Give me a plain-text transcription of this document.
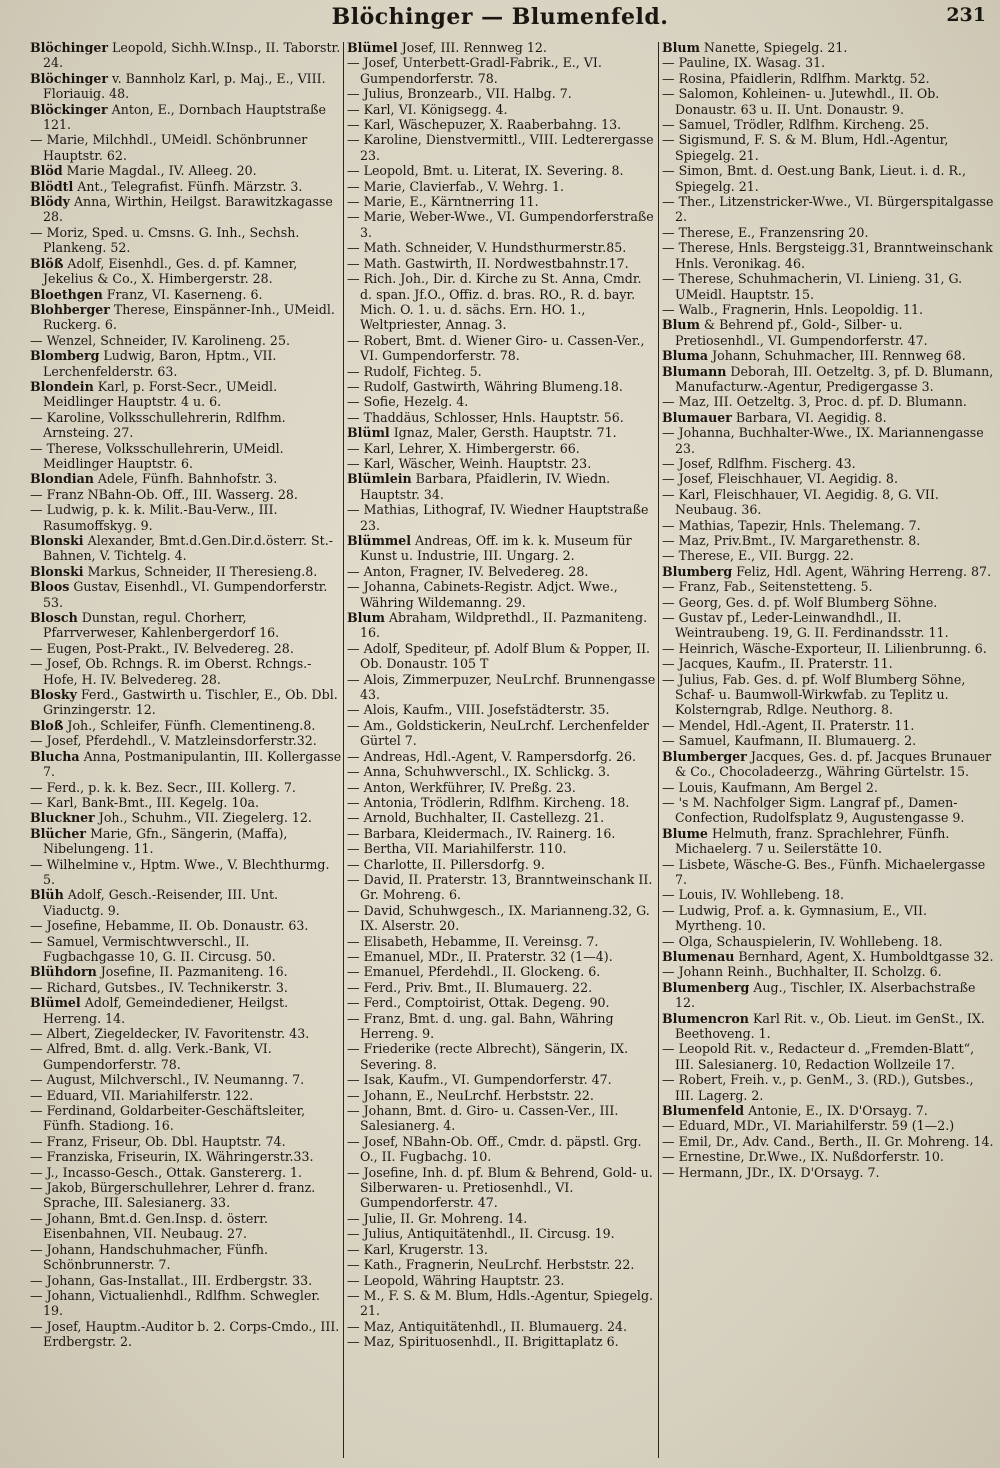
Blöchinger — Blumenfeld.	231
Blöchinger Leopold, Sichh.W.Insp., II. Taborstr. 24.
Blöchinger v. Bannholz Karl, p. Maj., E., VIII. Floriauig. 48.
Blöckinger Anton, E., Dornbach Hauptstraße 121.
— Marie, Milchhdl., UMeidl. Schönbrunner Hauptstr. 62.
Blöd Marie Magdal., IV. Alleeg. 20.
Blödtl Ant., Telegrafist. Fünfh. Märzstr. 3.
Blödy Anna, Wirthin, Heilgst. Barawitzkagasse 28.
— Moriz, Sped. u. Cmsns. G. Inh., Sechsh. Plankeng. 52.
Blöß Adolf, Eisenhdl., Ges. d. pf. Kamner, Jekelius & Co., X. Himbergerstr. 28.
Bloethgen Franz, VI. Kaserneng. 6.
Blohberger Therese, Einspänner-Inh., UMeidl. Ruckerg. 6.
— Wenzel, Schneider, IV. Karolineng. 25.
Blomberg Ludwig, Baron, Hptm., VII. Lerchenfelderstr. 63.
Blondein Karl, p. Forst-Secr., UMeidl. Meidlinger Hauptstr. 4 u. 6.
— Karoline, Volksschullehrerin, Rdlfhm. Arnsteing. 27.
— Therese, Volksschullehrerin, UMeidl. Meidlinger Hauptstr. 6.
Blondian Adele, Fünfh. Bahnhofstr. 3.
— Franz NBahn-Ob. Off., III. Wasserg. 28.
— Ludwig, p. k. k. Milit.-Bau-Verw., III. Rasumoffskyg. 9.
Blonski Alexander, Bmt.d.Gen.Dir.d.österr. St.-Bahnen, V. Tichtelg. 4.
Blonski Markus, Schneider, II Theresieng.8.
Bloos Gustav, Eisenhdl., VI. Gumpendorferstr. 53.
Blosch Dunstan, regul. Chorherr, Pfarrverweser, Kahlenbergerdorf 16.
— Eugen, Post-Prakt., IV. Belvedereg. 28.
— Josef, Ob. Rchngs. R. im Oberst. Rchngs.-Hofe, H. IV. Belvedereg. 28.
Blosky Ferd., Gastwirth u. Tischler, E., Ob. Dbl. Grinzingerstr. 12.
Bloß Joh., Schleifer, Fünfh. Clementineng.8.
— Josef, Pferdehdl., V. Matzleinsdorferstr.32.
Blucha Anna, Postmanipulantin, III. Kollergasse 7.
— Ferd., p. k. k. Bez. Secr., III. Kollerg. 7.
— Karl, Bank-Bmt., III. Kegelg. 10a.
Bluckner Joh., Schuhm., VII. Ziegelerg. 12.
Blücher Marie, Gfn., Sängerin, (Maffa), Nibelungeng. 11.
— Wilhelmine v., Hptm. Wwe., V. Blechthurmg. 5.
Blüh Adolf, Gesch.-Reisender, III. Unt. Viaductg. 9.
— Josefine, Hebamme, II. Ob. Donaustr. 63.
— Samuel, Vermischtwverschl., II. Fugbachgasse 10, G. II. Circusg. 50.
Blühdorn Josefine, II. Pazmaniteng. 16.
— Richard, Gutsbes., IV. Technikerstr. 3.
Blümel Adolf, Gemeindediener, Heilgst. Herreng. 14.
— Albert, Ziegeldecker, IV. Favoritenstr. 43.
— Alfred, Bmt. d. allg. Verk.-Bank, VI. Gumpendorferstr. 78.
— August, Milchverschl., IV. Neumanng. 7.
— Eduard, VII. Mariahilferstr. 122.
— Ferdinand, Goldarbeiter-Geschäftsleiter, Fünfh. Stadiong. 16.
— Franz, Friseur, Ob. Dbl. Hauptstr. 74.
— Franziska, Friseurin, IX. Währingerstr.33.
— J., Incasso-Gesch., Ottak. Ganstererg. 1.
— Jakob, Bürgerschullehrer, Lehrer d. franz. Sprache, III. Salesianerg. 33.
— Johann, Bmt.d. Gen.Insp. d. österr. Eisenbahnen, VII. Neubaug. 27.
— Johann, Handschuhmacher, Fünfh. Schönbrunnerstr. 7.
— Johann, Gas-Installat., III. Erdbergstr. 33.
— Johann, Victualienhdl., Rdlfhm. Schwegler. 19.
— Josef, Hauptm.-Auditor b. 2. Corps-Cmdo., III. Erdbergstr. 2.
Blümel Josef, III. Rennweg 12.
— Josef, Unterbett-Gradl-Fabrik., E., VI. Gumpendorferstr. 78.
— Julius, Bronzearb., VII. Halbg. 7.
— Karl, VI. Königsegg. 4.
— Karl, Wäschepuzer, X. Raaberbahng. 13.
— Karoline, Dienstvermittl., VIII. Ledterergasse 23.
— Leopold, Bmt. u. Literat, IX. Severing. 8.
— Marie, Clavierfab., V. Wehrg. 1.
— Marie, E., Kärntnerring 11.
— Marie, Weber-Wwe., VI. Gumpendorferstraße 3.
— Math. Schneider, V. Hundsthurmerstr.85.
— Math. Gastwirth, II. Nordwestbahnstr.17.
— Rich. Joh., Dir. d. Kirche zu St. Anna, Cmdr. d. span. Jf.O., Offiz. d. bras. RO., R. d. bayr. Mich. O. 1. u. d. sächs. Ern. HO. 1., Weltpriester, Annag. 3.
— Robert, Bmt. d. Wiener Giro- u. Cassen-Ver., VI. Gumpendorferstr. 78.
— Rudolf, Fichteg. 5.
— Rudolf, Gastwirth, Währing Blumeng.18.
— Sofie, Hezelg. 4.
— Thaddäus, Schlosser, Hnls. Hauptstr. 56.
Blüml Ignaz, Maler, Gersth. Hauptstr. 71.
— Karl, Lehrer, X. Himbergerstr. 66.
— Karl, Wäscher, Weinh. Hauptstr. 23.
Blümlein Barbara, Pfaidlerin, IV. Wiedn. Hauptstr. 34.
— Mathias, Lithograf, IV. Wiedner Hauptstraße 23.
Blümmel Andreas, Off. im k. k. Museum für Kunst u. Industrie, III. Ungarg. 2.
— Anton, Fragner, IV. Belvedereg. 28.
— Johanna, Cabinets-Registr. Adjct. Wwe., Währing Wildemanng. 29.
Blum Abraham, Wildprethdl., II. Pazmaniteng. 16.
— Adolf, Spediteur, pf. Adolf Blum & Popper, II. Ob. Donaustr. 105 T
— Alois, Zimmerpuzer, NeuLrchf. Brunnengasse 43.
— Alois, Kaufm., VIII. Josefstädterstr. 35.
— Am., Goldstickerin, NeuLrchf. Lerchenfelder Gürtel 7.
— Andreas, Hdl.-Agent, V. Rampersdorfg. 26.
— Anna, Schuhwverschl., IX. Schlickg. 3.
— Anton, Werkführer, IV. Preßg. 23.
— Antonia, Trödlerin, Rdlfhm. Kircheng. 18.
— Arnold, Buchhalter, II. Castellezg. 21.
— Barbara, Kleidermach., IV. Rainerg. 16.
— Bertha, VII. Mariahilferstr. 110.
— Charlotte, II. Pillersdorfg. 9.
— David, II. Praterstr. 13, Branntweinschank II. Gr. Mohreng. 6.
— David, Schuhwgesch., IX. Marianneng.32, G. IX. Alserstr. 20.
— Elisabeth, Hebamme, II. Vereinsg. 7.
— Emanuel, MDr., II. Praterstr. 32 (1—4).
— Emanuel, Pferdehdl., II. Glockeng. 6.
— Ferd., Priv. Bmt., II. Blumauerg. 22.
— Ferd., Comptoirist, Ottak. Degeng. 90.
— Franz, Bmt. d. ung. gal. Bahn, Währing Herreng. 9.
— Friederike (recte Albrecht), Sängerin, IX. Severing. 8.
— Isak, Kaufm., VI. Gumpendorferstr. 47.
— Johann, E., NeuLrchf. Herbststr. 22.
— Johann, Bmt. d. Giro- u. Cassen-Ver., III. Salesianerg. 4.
— Josef, NBahn-Ob. Off., Cmdr. d. päpstl. Grg. O., II. Fugbachg. 10.
— Josefine, Inh. d. pf. Blum & Behrend, Gold- u. Silberwaren- u. Pretiosenhdl., VI. Gumpendorferstr. 47.
— Julie, II. Gr. Mohreng. 14.
— Julius, Antiquitätenhdl., II. Circusg. 19.
— Karl, Krugerstr. 13.
— Kath., Fragnerin, NeuLrchf. Herbststr. 22.
— Leopold, Währing Hauptstr. 23.
— M., F. S. & M. Blum, Hdls.-Agentur, Spiegelg. 21.
— Maz, Antiquitätenhdl., II. Blumauerg. 24.
— Maz, Spirituosenhdl., II. Brigittaplatz 6.
Blum Nanette, Spiegelg. 21.
— Pauline, IX. Wasag. 31.
— Rosina, Pfaidlerin, Rdlfhm. Marktg. 52.
— Salomon, Kohleinen- u. Jutewhdl., II. Ob. Donaustr. 63 u. II. Unt. Donaustr. 9.
— Samuel, Trödler, Rdlfhm. Kircheng. 25.
— Sigismund, F. S. & M. Blum, Hdl.-Agentur, Spiegelg. 21.
— Simon, Bmt. d. Oest.ung Bank, Lieut. i. d. R., Spiegelg. 21.
— Ther., Litzenstricker-Wwe., VI. Bürgerspitalgasse 2.
— Therese, E., Franzensring 20.
— Therese, Hnls. Bergsteigg.31, Branntweinschank Hnls. Veronikag. 46.
— Therese, Schuhmacherin, VI. Linieng. 31, G. UMeidl. Hauptstr. 15.
— Walb., Fragnerin, Hnls. Leopoldig. 11.
Blum & Behrend pf., Gold-, Silber- u. Pretiosenhdl., VI. Gumpendorferstr. 47.
Bluma Johann, Schuhmacher, III. Rennweg 68.
Blumann Deborah, III. Oetzeltg. 3, pf. D. Blumann, Manufacturw.-Agentur, Predigergasse 3.
— Maz, III. Oetzeltg. 3, Proc. d. pf. D. Blumann.
Blumauer Barbara, VI. Aegidig. 8.
— Johanna, Buchhalter-Wwe., IX. Mariannengasse 23.
— Josef, Rdlfhm. Fischerg. 43.
— Josef, Fleischhauer, VI. Aegidig. 8.
— Karl, Fleischhauer, VI. Aegidig. 8, G. VII. Neubaug. 36.
— Mathias, Tapezir, Hnls. Thelemang. 7.
— Maz, Priv.Bmt., IV. Margarethenstr. 8.
— Therese, E., VII. Burgg. 22.
Blumberg Feliz, Hdl. Agent, Währing Herreng. 87.
— Franz, Fab., Seitenstetteng. 5.
— Georg, Ges. d. pf. Wolf Blumberg Söhne.
— Gustav pf., Leder-Leinwandhdl., II. Weintraubeng. 19, G. II. Ferdinandsstr. 11.
— Heinrich, Wäsche-Exporteur, II. Lilienbrunng. 6.
— Jacques, Kaufm., II. Praterstr. 11.
— Julius, Fab. Ges. d. pf. Wolf Blumberg Söhne, Schaf- u. Baumwoll-Wirkwfab. zu Teplitz u. Kolsterngrab, Rdlge. Neuthorg. 8.
— Mendel, Hdl.-Agent, II. Praterstr. 11.
— Samuel, Kaufmann, II. Blumauerg. 2.
Blumberger Jacques, Ges. d. pf. Jacques Brunauer & Co., Chocoladeerzg., Währing Gürtelstr. 15.
— Louis, Kaufmann, Am Bergel 2.
— 's M. Nachfolger Sigm. Langraf pf., Damen-Confection, Rudolfsplatz 9, Augustengasse 9.
Blume Helmuth, franz. Sprachlehrer, Fünfh. Michaelerg. 7 u. Seilerstätte 10.
— Lisbete, Wäsche-G. Bes., Fünfh. Michaelergasse 7.
— Louis, IV. Wohllebeng. 18.
— Ludwig, Prof. a. k. Gymnasium, E., VII. Myrtheng. 10.
— Olga, Schauspielerin, IV. Wohllebeng. 18.
Blumenau Bernhard, Agent, X. Humboldtgasse 32.
— Johann Reinh., Buchhalter, II. Scholzg. 6.
Blumenberg Aug., Tischler, IX. Alserbachstraße 12.
Blumencron Karl Rit. v., Ob. Lieut. im GenSt., IX. Beethoveng. 1.
— Leopold Rit. v., Redacteur d. „Fremden-Blatt“, III. Salesianerg. 10, Redaction Wollzeile 17.
— Robert, Freih. v., p. GenM., 3. (RD.), Gutsbes., III. Lagerg. 2.
Blumenfeld Antonie, E., IX. D'Orsayg. 7.
— Eduard, MDr., VI. Mariahilferstr. 59 (1—2.)
— Emil, Dr., Adv. Cand., Berth., II. Gr. Mohreng. 14.
— Ernestine, Dr.Wwe., IX. Nußdorferstr. 10.
— Hermann, JDr., IX. D'Orsayg. 7.
